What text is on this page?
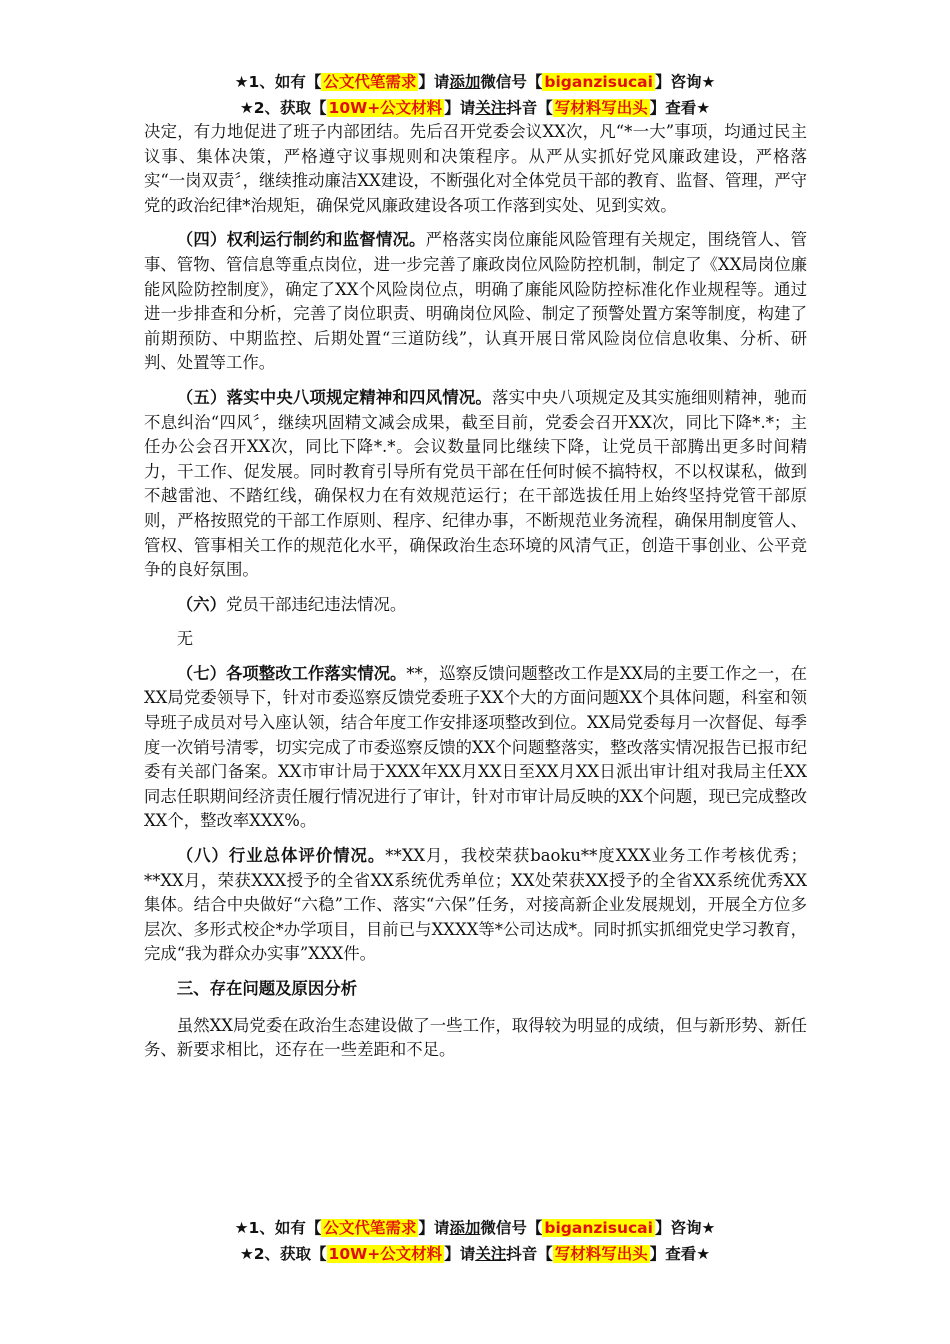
★1、如有【 公文代笔需求 】请添加微信号【 biganzisucai 】咨询★
★2、获取【 10W+公文材料 】请关注抖音【 写材料写出头 】查看★

决定，有力地促进了班子内部团结。先后召开党委会议XX次，凡“*一大”事项，均通过民主议事、集体决策，严格遵守议事规则和决策程序。从严从实抓好党风廉政建设，严格落实“一岗双责〞，继续推动廉洁XX建设，不断强化对全体党员干部的教育、监督、管理，严守党的政治纪律*治规矩，确保党风廉政建设各项工作落到实处、见到实效。

（四）权利运行制约和监督情况。严格落实岗位廉能风险管理有关规定，围绕管人、管事、管物、管信息等重点岗位，进一步完善了廉政岗位风险防控机制，制定了《XX局岗位廉能风险防控制度》，确定了XX个风险岗位点，明确了廉能风险防控标准化作业规程等。通过进一步排查和分析，完善了岗位职责、明确岗位风险、制定了预警处置方案等制度，构建了前期预防、中期监控、后期处置“三道防线”，认真开展日常风险岗位信息收集、分析、研判、处置等工作。

（五）落实中央八项规定精神和四风情况。落实中央八项规定及其实施细则精神，驰而不息纠治“四风〞，继续巩固精文减会成果，截至目前，党委会召开XX次，同比下降*.*；主任办公会召开XX次，同比下降*.*。会议数量同比继续下降，让党员干部腾出更多时间精力，干工作、促发展。同时教育引导所有党员干部在任何时候不搞特权，不以权谋私，做到不越雷池、不踏红线，确保权力在有效规范运行；在干部选拔任用上始终坚持党管干部原则，严格按照党的干部工作原则、程序、纪律办事，不断规范业务流程，确保用制度管人、管权、管事相关工作的规范化水平，确保政治生态环境的风清气正，创造干事创业、公平竞争的良好氛围。

（六）党员干部违纪违法情况。

无

（七）各项整改工作落实情况。**，巡察反馈问题整改工作是XX局的主要工作之一，在XX局党委领导下，针对市委巡察反馈党委班子XX个大的方面问题XX个具体问题，科室和领导班子成员对号入座认领，结合年度工作安排逐项整改到位。XX局党委每月一次督促、每季度一次销号清零，切实完成了市委巡察反馈的XX个问题整落实，整改落实情况报告已报市纪委有关部门备案。XX市审计局于XXX年XX月XX日至XX月XX日派出审计组对我局主任XX同志任职期间经济责任履行情况进行了审计，针对市审计局反映的XX个问题，现已完成整改XX个，整改率XXX%。

（八）行业总体评价情况。**XX月，我校荣获baoku**度XXX业务工作考核优秀；**XX月，荣获XXX授予的全省XX系统优秀单位；XX处荣获XX授予的全省XX系统优秀XX集体。结合中央做好“六稳”工作、落实“六保”任务，对接高新企业发展规划，开展全方位多层次、多形式校企*办学项目，目前已与XXXX等*公司达成*。同时抓实抓细党史学习教育，完成“我为群众办实事”XXX件。

三、存在问题及原因分析

虽然XX局党委在政治生态建设做了一些工作，取得较为明显的成绩，但与新形势、新任务、新要求相比，还存在一些差距和不足。

★1、如有【 公文代笔需求 】请添加微信号【 biganzisucai 】咨询★
★2、获取【 10W+公文材料 】请关注抖音【 写材料写出头 】查看★
